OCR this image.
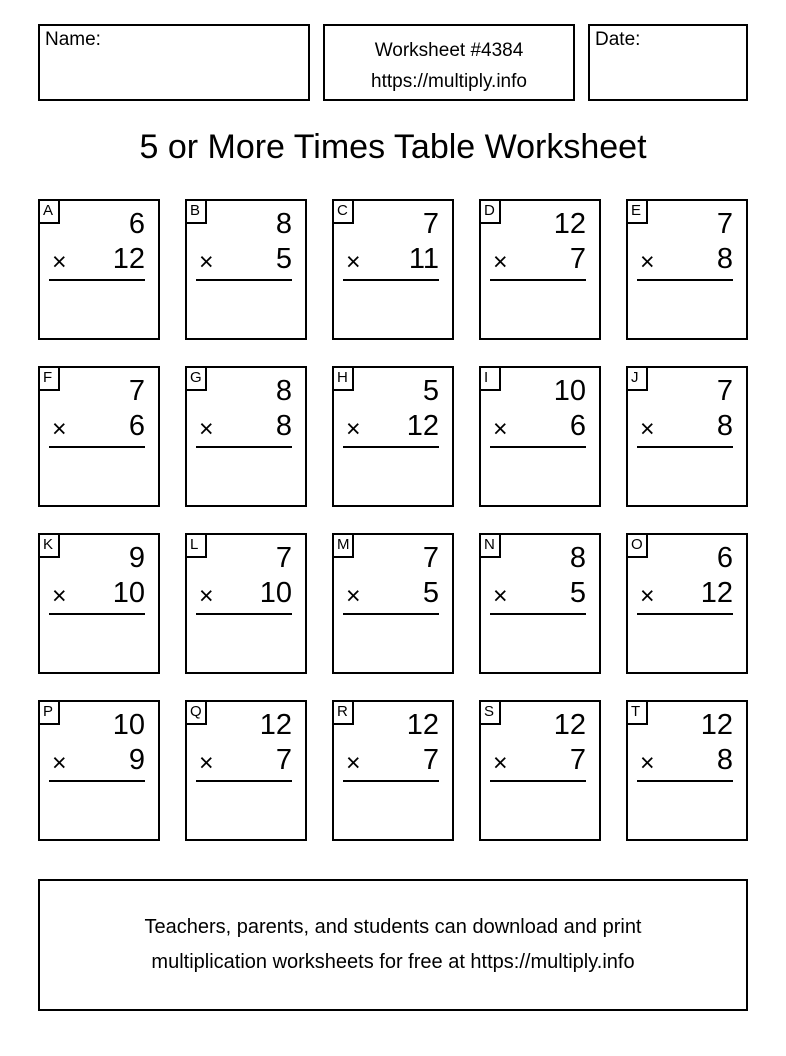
Name:
Worksheet #4384
https://multiply.info
Date:
5 or More Times Table Worksheet
A	6
× 12
B	8
× 5
C	7
× 11
D 12
× 7
E	7
× 8
F	7
× 6
G	8
× 8
H	5
× 12
I	10
× 6
J	7
× 8
K	9
× 10
L	7
× 10
M	7
× 5
N	8
× 5
O	6
× 12
P 10
× 9
Q 12
× 7
R 12
× 7
S 12
× 7
T 12
× 8
Teachers, parents, and students can download and print
multiplication worksheets for free at https://multiply.info
